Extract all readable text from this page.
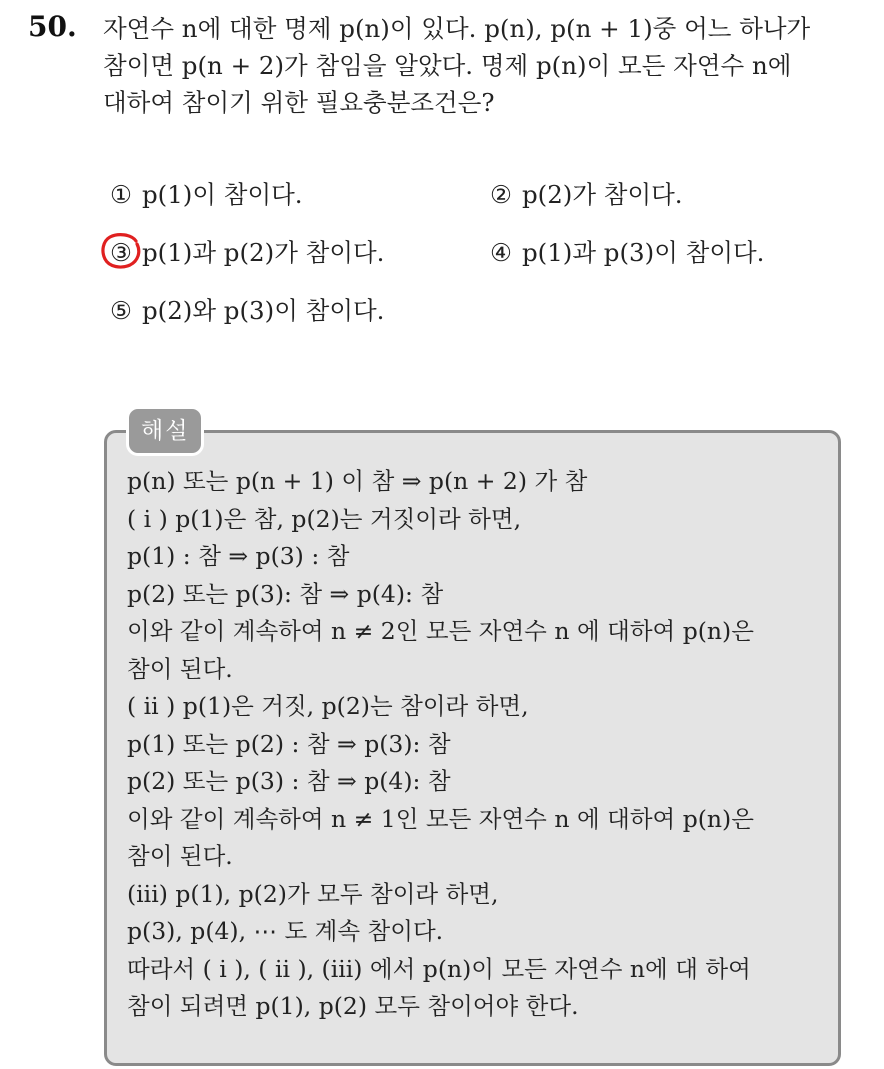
50. 자연수 n에 대한 명제 p(n)이 있다. p(n), p(n + 1)중 어느 하나가
참이면 p(n + 2)가 참임을 알았다. 명제 p(n)이 모든 자연수 n에
대하여 참이기 위한 필요충분조건은?
① p(1)이 참이다.	② p(2)가 참이다.
③ p(1)과 p(2)가 참이다.	④ p(1)과 p(3)이 참이다.
⑤ p(2)와 p(3)이 참이다.
해설
p(n) 또는 p(n + 1) 이 참 ⇒ p(n + 2) 가 참
( i ) p(1)은 참, p(2)는 거짓이라 하면,
p(1) : 참 ⇒ p(3) : 참
p(2) 또는 p(3): 참 ⇒ p(4): 참
이와 같이 계속하여 n ≠ 2인 모든 자연수 n 에 대하여 p(n)은
참이 된다.
( ii ) p(1)은 거짓, p(2)는 참이라 하면,
p(1) 또는 p(2) : 참 ⇒ p(3): 참
p(2) 또는 p(3) : 참 ⇒ p(4): 참
이와 같이 계속하여 n ≠ 1인 모든 자연수 n 에 대하여 p(n)은
참이 된다.
(iii) p(1), p(2)가 모두 참이라 하면,
p(3), p(4), ⋯ 도 계속 참이다.
따라서 ( i ), ( ii ), (iii) 에서 p(n)이 모든 자연수 n에 대 하여
참이 되려면 p(1), p(2) 모두 참이어야 한다.
